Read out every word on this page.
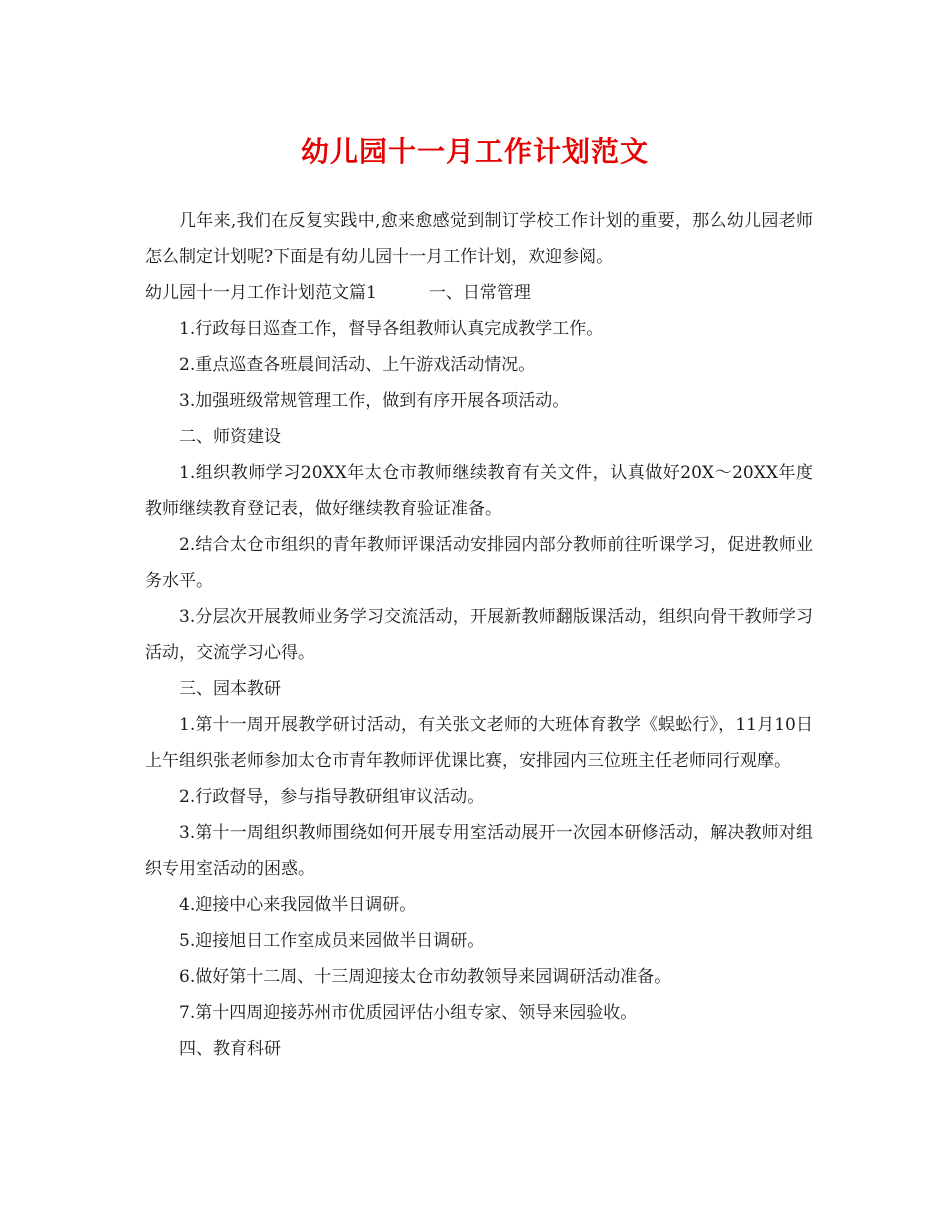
幼儿园十一月工作计划范文

几年来,我们在反复实践中,愈来愈感觉到制订学校工作计划的重要，那么幼儿园老师怎么制定计划呢?下面是有幼儿园十一月工作计划，欢迎参阅。

幼儿园十一月工作计划范文篇1	一、日常管理

1.行政每日巡查工作，督导各组教师认真完成教学工作。

2.重点巡查各班晨间活动、上午游戏活动情况。

3.加强班级常规管理工作，做到有序开展各项活动。

二、师资建设

1.组织教师学习20XX年太仓市教师继续教育有关文件，认真做好20X～20XX年度教师继续教育登记表，做好继续教育验证准备。

2.结合太仓市组织的青年教师评课活动安排园内部分教师前往听课学习，促进教师业务水平。

3.分层次开展教师业务学习交流活动，开展新教师翻版课活动，组织向骨干教师学习活动，交流学习心得。

三、园本教研

1.第十一周开展教学研讨活动，有关张文老师的大班体育教学《蜈蚣行》，11月10日上午组织张老师参加太仓市青年教师评优课比赛，安排园内三位班主任老师同行观摩。

2.行政督导，参与指导教研组审议活动。

3.第十一周组织教师围绕如何开展专用室活动展开一次园本研修活动，解决教师对组织专用室活动的困惑。

4.迎接中心来我园做半日调研。

5.迎接旭日工作室成员来园做半日调研。

6.做好第十二周、十三周迎接太仓市幼教领导来园调研活动准备。

7.第十四周迎接苏州市优质园评估小组专家、领导来园验收。

四、教育科研
